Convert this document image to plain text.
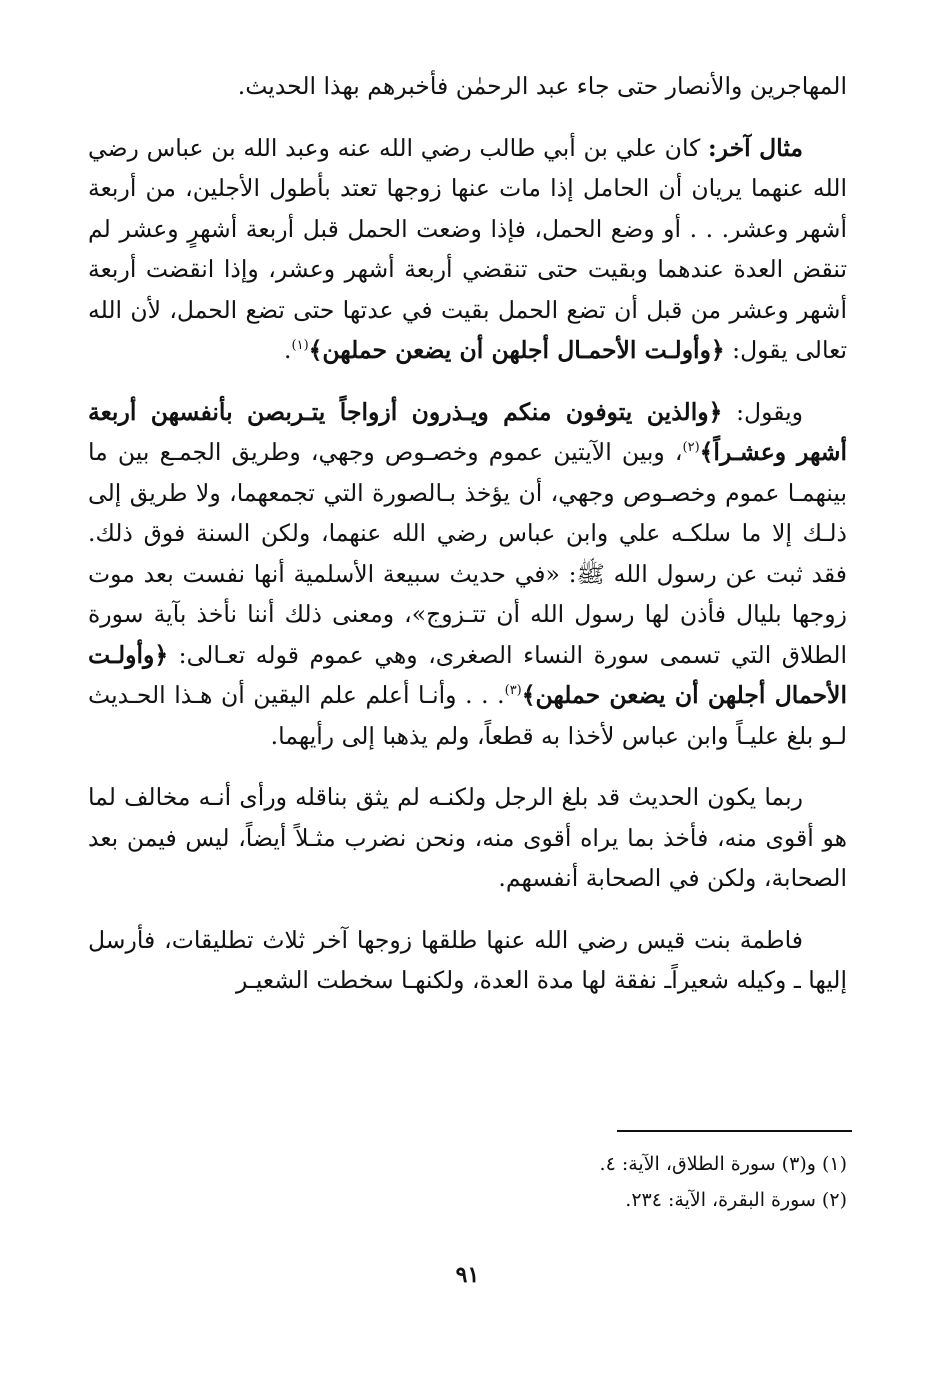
المهاجرين والأنصار حتى جاء عبد الرحمٰن فأخبرهم بهذا الحديث.

مثال آخر: كان علي بن أبي طالب رضي الله عنه وعبد الله بن عباس رضي الله عنهما يريان أن الحامل إذا مات عنها زوجها تعتد بأطول الأجلين، من أربعة أشهر وعشر. . . أو وضع الحمل، فإذا وضعت الحمل قبل أربعة أشهرٍ وعشر لم تنقض العدة عندهما وبقيت حتى تنقضي أربعة أشهر وعشر، وإذا انقضت أربعة أشهر وعشر من قبل أن تضع الحمل بقيت في عدتها حتى تضع الحمل، لأن الله تعالى يقول: ﴿وأولـت الأحمـال أجلهن أن يضعن حملهن﴾$^{(١)}$.

ويقول: ﴿والذين يتوفون منكم ويـذرون أزواجاً يتـربصن بأنفسهن أربعة أشهر وعشـراً﴾$^{(٢)}$، وبين الآيتين عموم وخصـوص وجهي، وطريق الجمـع بين ما بينهمـا عموم وخصـوص وجهي، أن يؤخذ بـالصورة التي تجمعهما، ولا طريق إلى ذلـك إلا ما سلكـه علي وابن عباس رضي الله عنهما، ولكن السنة فوق ذلك. فقد ثبت عن رسول الله ﷺ: «في حديث سبيعة الأسلمية أنها نفست بعد موت زوجها بليال فأذن لها رسول الله أن تتـزوج»، ومعنى ذلك أننا نأخذ بآية سورة الطلاق التي تسمى سورة النساء الصغرى، وهي عموم قوله تعـالى: ﴿وأولـت الأحمال أجلهن أن يضعن حملهن﴾$^{(٣)}$. . . وأنـا أعلم علم اليقين أن هـذا الحـديث لـو بلغ عليـاً وابن عباس لأخذا به قطعاً، ولم يذهبا إلى رأيهما.

ربما يكون الحديث قد بلغ الرجل ولكنـه لم يثق بناقله ورأى أنـه مخالف لما هو أقوى منه، فأخذ بما يراه أقوى منه، ونحن نضرب مثـلاً أيضاً، ليس فيمن بعد الصحابة، ولكن في الصحابة أنفسهم.

فاطمة بنت قيس رضي الله عنها طلقها زوجها آخر ثلاث تطليقات، فأرسل إليها ـ وكيله شعيراًـ نفقة لها مدة العدة، ولكنهـا سخطت الشعيـر

(١) و(٣) سورة الطلاق، الآية: ٤.
(٢) سورة البقرة، الآية: ٢٣٤.
٩١
